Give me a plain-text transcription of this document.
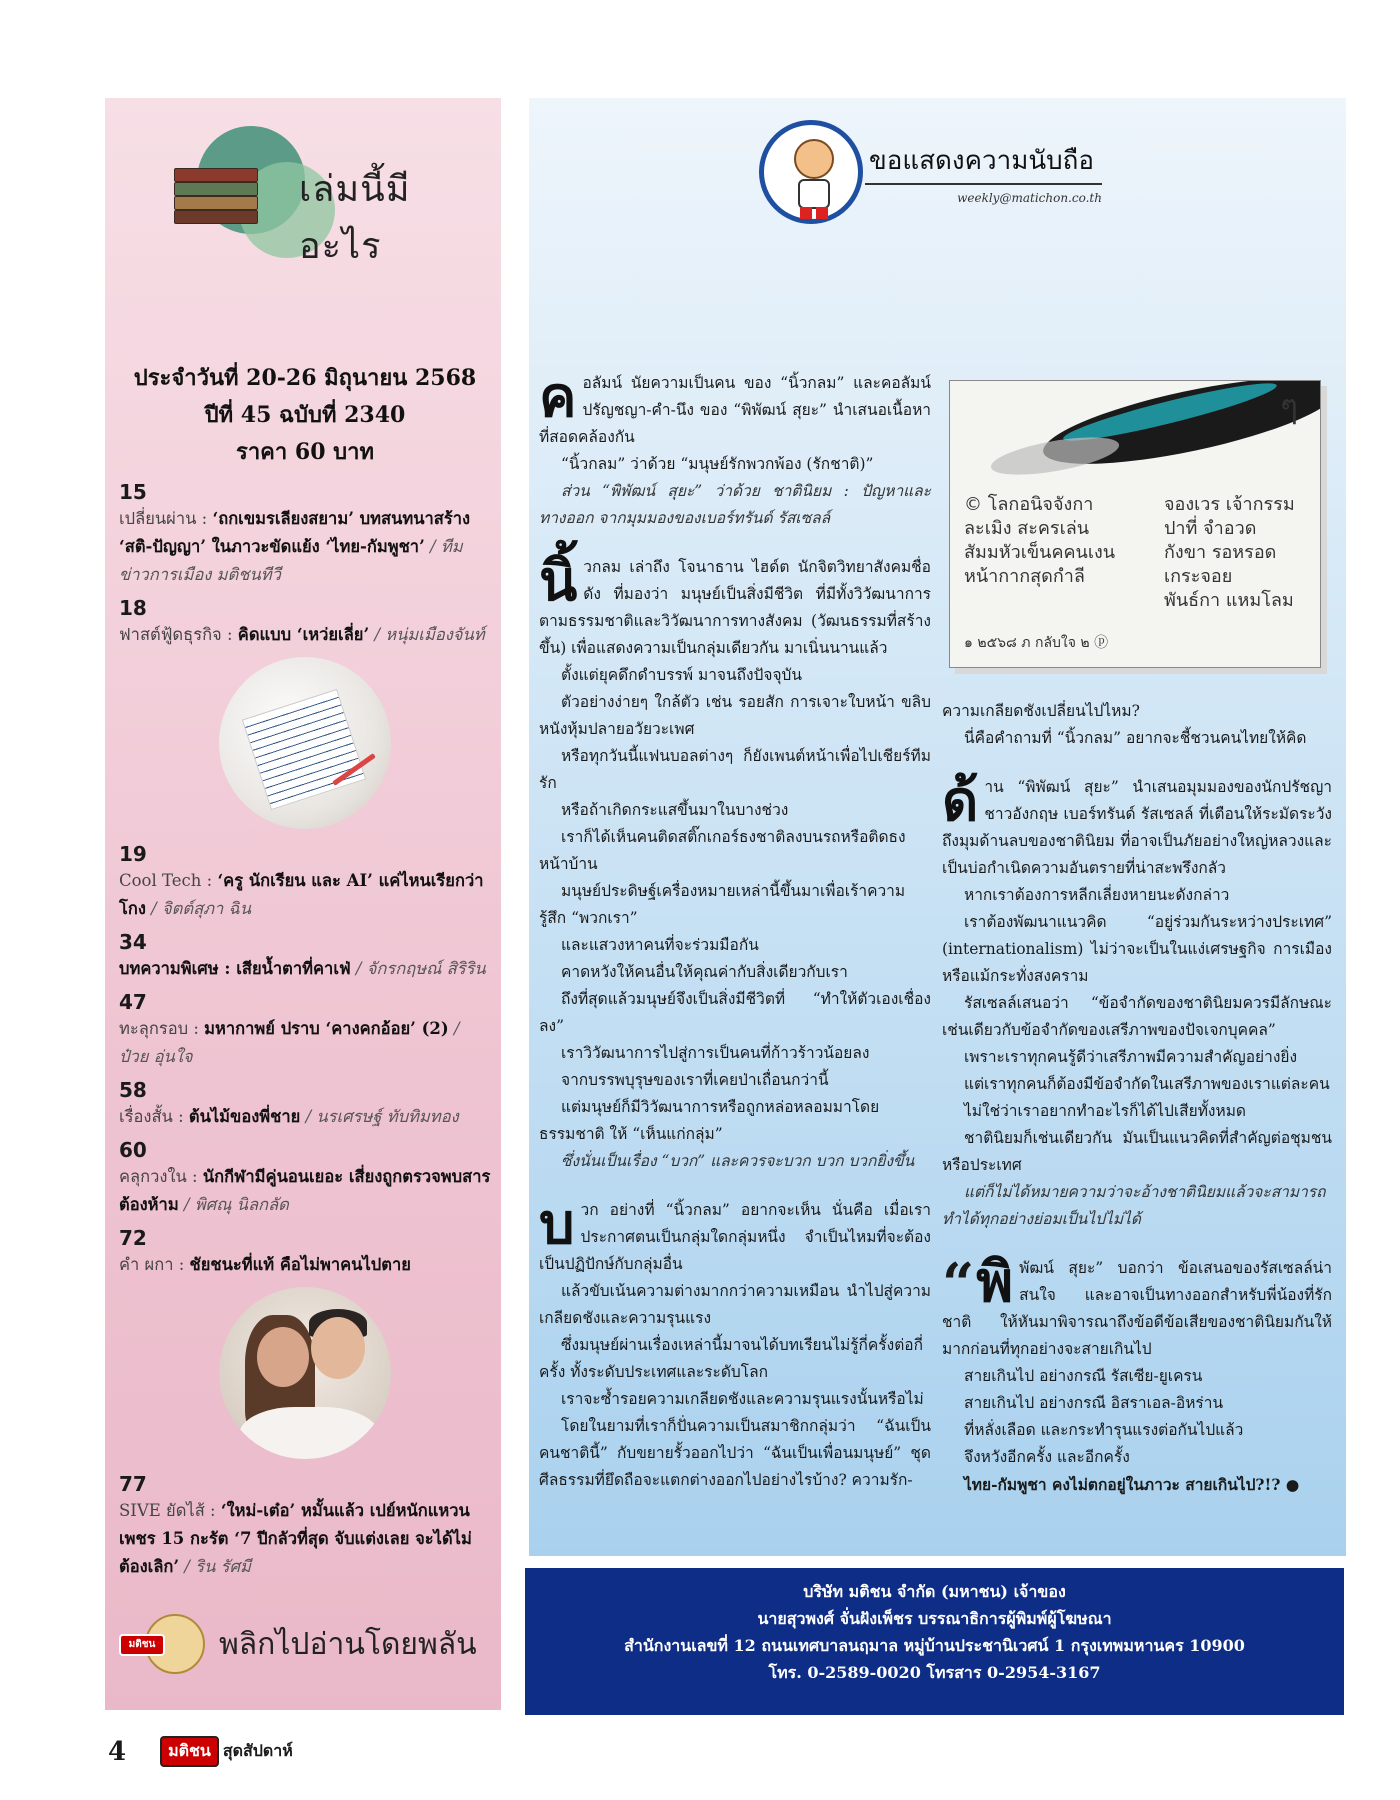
เล่มนี้มีอะไร
ประจำวันที่ 20-26 มิถุนายน 2568
ปีที่ 45 ฉบับที่ 2340
ราคา 60 บาท
15
เปลี่ยนผ่าน : ‘ถกเขมรเลียงสยาม’ บทสนทนาสร้าง ‘สติ-ปัญญา’ ในภาวะขัดแย้ง ‘ไทย-กัมพูชา’ / ทีมข่าวการเมือง มติชนทีวี
18
ฟาสต์ฟู้ดธุรกิจ : คิดแบบ ‘เหว่ยเลี่ย’ / หนุ่มเมืองจันท์
19
Cool Tech : ‘ครู นักเรียน และ AI’ แค่ไหนเรียกว่าโกง / จิตต์สุภา ฉิน
34
บทความพิเศษ : เสียน้ำตาที่คาเฟ่ / จักรกฤษณ์ สิริริน
47
ทะลุกรอบ : มหากาพย์ ปราบ ‘คางคกอ้อย’ (2) / ป๋วย อุ่นใจ
58
เรื่องสั้น : ต้นไม้ของพี่ชาย / นรเศรษฐ์ ทับทิมทอง
60
คลุกวงใน : นักกีฬามีคู่นอนเยอะ เสี่ยงถูกตรวจพบสารต้องห้าม / พิศณุ นิลกลัด
72
คำ ผกา : ชัยชนะที่แท้ คือไม่พาคนไปตาย
77
SIVE ยัดไส้ : ‘ใหม่-เต๋อ’ หมั้นแล้ว เปย์หนักแหวนเพชร 15 กะรัต ‘7 ปีกลัวที่สุด จับแต่งเลย จะได้ไม่ต้องเลิก’ / ริน รัศมี
มติชน	พลิกไปอ่านโดยพลัน
ขอแสดงความนับถือ
weekly@matichon.co.th
© โลกอนิจจังกา
ละเมิง สะครเล่น
สัมมหัวเข็นคคนเงน
หน้ากากสุดกำลี
จองเวร เจ้ากรรม
ปาที่ จำอวด
กังขา รอหรอด
เกระจอย
พันธ์กา แหมโลม
๑ ๒๕๖๘ ภ กลับใจ ๒ ⓟ
ๆ

คอลัมน์ นัยความเป็นคน ของ “นิ้วกลม” และคอลัมน์ ปรัญชญา-คำ-นึง ของ “พิพัฒน์ สุยะ” นำเสนอเนื้อหาที่สอดคล้องกัน

“นิ้วกลม” ว่าด้วย “มนุษย์รักพวกพ้อง (รักชาติ)”

ส่วน “พิพัฒน์ สุยะ” ว่าด้วย ชาตินิยม : ปัญหาและทางออก จากมุมมองของเบอร์ทรันด์ รัสเซลล์

นิ้วกลม เล่าถึง โจนาธาน ไฮด์ต นักจิตวิทยาสังคมชื่อดัง ที่มองว่า มนุษย์เป็นสิ่งมีชีวิต ที่มีทั้งวิวัฒนาการตามธรรมชาติและวิวัฒนาการทางสังคม (วัฒนธรรมที่สร้างขึ้น) เพื่อแสดงความเป็นกลุ่มเดียวกัน มาเนิ่นนานแล้ว

ตั้งแต่ยุคดึกดำบรรพ์ มาจนถึงปัจจุบัน

ตัวอย่างง่ายๆ ใกล้ตัว เช่น รอยสัก การเจาะใบหน้า ขลิบหนังหุ้มปลายอวัยวะเพศ

หรือทุกวันนี้แฟนบอลต่างๆ ก็ยังเพนต์หน้าเพื่อไปเชียร์ทีมรัก

หรือถ้าเกิดกระแสขึ้นมาในบางช่วง

เราก็ได้เห็นคนติดสติ๊กเกอร์ธงชาติลงบนรถหรือติดธงหน้าบ้าน

มนุษย์ประดิษฐ์เครื่องหมายเหล่านี้ขึ้นมาเพื่อเร้าความรู้สึก “พวกเรา”

และแสวงหาคนที่จะร่วมมือกัน

คาดหวังให้คนอื่นให้คุณค่ากับสิ่งเดียวกับเรา

ถึงที่สุดแล้วมนุษย์จึงเป็นสิ่งมีชีวิตที่ “ทำให้ตัวเองเชื่องลง”

เราวิวัฒนาการไปสู่การเป็นคนที่ก้าวร้าวน้อยลง

จากบรรพบุรุษของเราที่เคยป่าเถื่อนกว่านี้

แต่มนุษย์ก็มีวิวัฒนาการหรือถูกหล่อหลอมมาโดยธรรมชาติ ให้ “เห็นแก่กลุ่ม”

ซึ่งนั่นเป็นเรื่อง “บวก” และควรจะบวก บวก บวกยิ่งขึ้น

บวก อย่างที่ “นิ้วกลม” อยากจะเห็น นั่นคือ เมื่อเราประกาศตนเป็นกลุ่มใดกลุ่มหนึ่ง จำเป็นไหมที่จะต้องเป็นปฏิปักษ์กับกลุ่มอื่น

แล้วขับเน้นความต่างมากกว่าความเหมือน นำไปสู่ความเกลียดชังและความรุนแรง

ซึ่งมนุษย์ผ่านเรื่องเหล่านี้มาจนได้บทเรียนไม่รู้กี่ครั้งต่อกี่ครั้ง ทั้งระดับประเทศและระดับโลก

เราจะซ้ำรอยความเกลียดชังและความรุนแรงนั้นหรือไม่

โดยในยามที่เราก็ปั่นความเป็นสมาชิกกลุ่มว่า “ฉันเป็นคนชาตินี้” กับขยายรั้วออกไปว่า “ฉันเป็นเพื่อนมนุษย์” ชุดศีลธรรมที่ยึดถือจะแตกต่างออกไปอย่างไรบ้าง? ความรัก-

ความเกลียดชังเปลี่ยนไปไหม?

นี่คือคำถามที่ “นิ้วกลม” อยากจะชี้ชวนคนไทยให้คิด

ด้าน “พิพัฒน์ สุยะ” นำเสนอมุมมองของนักปรัชญาชาวอังกฤษ เบอร์ทรันด์ รัสเซลล์ ที่เตือนให้ระมัดระวัง ถึงมุมด้านลบของชาตินิยม ที่อาจเป็นภัยอย่างใหญ่หลวงและเป็นบ่อกำเนิดความอันตรายที่น่าสะพรึงกลัว

หากเราต้องการหลีกเลี่ยงหายนะดังกล่าว

เราต้องพัฒนาแนวคิด “อยู่ร่วมกันระหว่างประเทศ” (internationalism) ไม่ว่าจะเป็นในแง่เศรษฐกิจ การเมือง หรือแม้กระทั่งสงคราม

รัสเซลล์เสนอว่า “ข้อจำกัดของชาตินิยมควรมีลักษณะเช่นเดียวกับข้อจำกัดของเสรีภาพของปัจเจกบุคคล”

เพราะเราทุกคนรู้ดีว่าเสรีภาพมีความสำคัญอย่างยิ่ง

แต่เราทุกคนก็ต้องมีข้อจำกัดในเสรีภาพของเราแต่ละคน

ไม่ใช่ว่าเราอยากทำอะไรก็ได้ไปเสียทั้งหมด

ชาตินิยมก็เช่นเดียวกัน มันเป็นแนวคิดที่สำคัญต่อชุมชนหรือประเทศ

แต่ก็ไม่ได้หมายความว่าจะอ้างชาตินิยมแล้วจะสามารถทำได้ทุกอย่างย่อมเป็นไปไม่ได้

“ พิ พัฒน์ สุยะ” บอกว่า ข้อเสนอของรัสเซลล์น่าสนใจ และอาจเป็นทางออกสำหรับพี่น้องที่รักชาติ ให้หันมาพิจารณาถึงข้อดีข้อเสียของชาตินิยมกันให้มากก่อนที่ทุกอย่างจะสายเกินไป

สายเกินไป อย่างกรณี รัสเซีย-ยูเครน

สายเกินไป อย่างกรณี อิสราเอล-อิหร่าน

ที่หลั่งเลือด และกระทำรุนแรงต่อกันไปแล้ว

จึงหวังอีกครั้ง และอีกครั้ง

ไทย-กัมพูชา คงไม่ตกอยู่ในภาวะ สายเกินไป?!? ●

บริษัท มติชน จำกัด (มหาชน) เจ้าของ
นายสุวพงศ์ จั่นฝังเพ็ชร บรรณาธิการผู้พิมพ์ผู้โฆษณา
สำนักงานเลขที่ 12 ถนนเทศบาลนฤมาล หมู่บ้านประชานิเวศน์ 1 กรุงเทพมหานคร 10900
โทร. 0-2589-0020 โทรสาร 0-2954-3167
4	มติชน สุดสัปดาห์
